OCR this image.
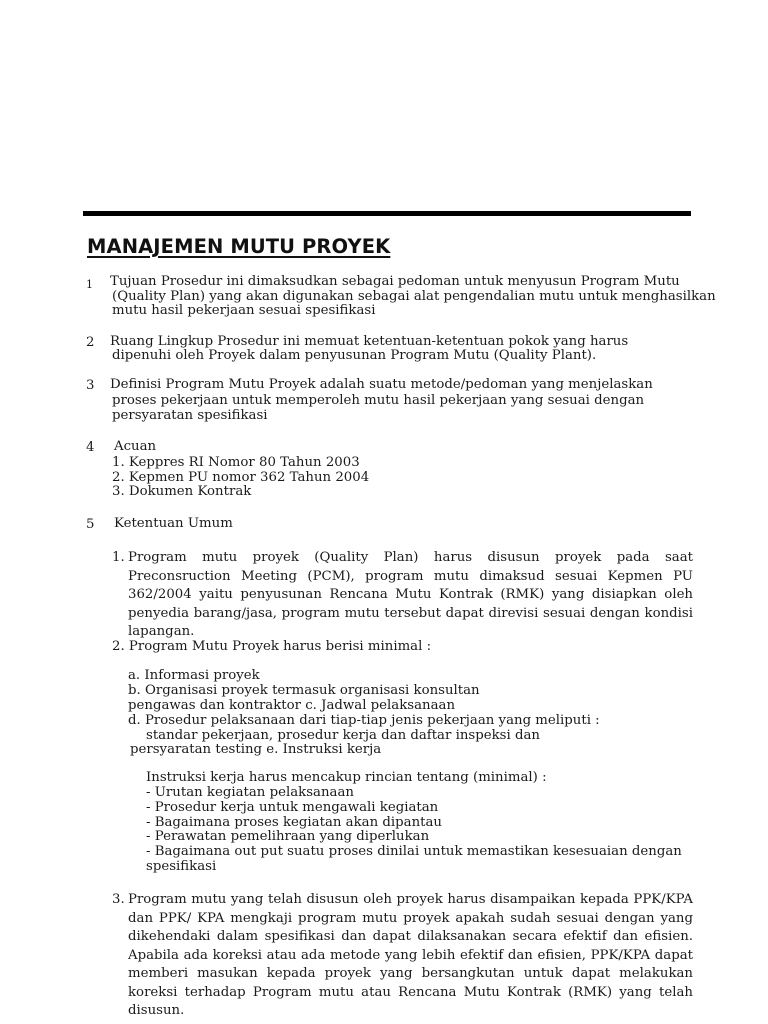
MANAJEMEN MUTU PROYEK
1 Tujuan Prosedur ini dimaksudkan sebagai pedoman untuk menyusun Program Mutu

(Quality Plan) yang akan digunakan sebagai alat pengendalian mutu untuk menghasilkan

mutu hasil pekerjaan sesuai spesifikasi

2 Ruang Lingkup Prosedur ini memuat ketentuan-ketentuan pokok yang harus

dipenuhi oleh Proyek dalam penyusunan Program Mutu (Quality Plant).

3 Definisi Program Mutu Proyek adalah suatu metode/pedoman yang menjelaskan

proses pekerjaan untuk memperoleh mutu hasil pekerjaan yang sesuai dengan

persyaratan spesifikasi

4 Acuan

1. Keppres RI Nomor 80 Tahun 2003

2. Kepmen PU nomor 362 Tahun 2004

3. Dokumen Kontrak

5 Ketentuan Umum

1. Program mutu proyek (Quality Plan) harus disusun proyek pada saat Preconsruction Meeting (PCM), program mutu dimaksud sesuai Kepmen PU 362/2004 yaitu penyusunan Rencana Mutu Kontrak (RMK) yang disiapkan oleh penyedia barang/jasa, program mutu tersebut dapat direvisi sesuai dengan kondisi lapangan.

2. Program Mutu Proyek harus berisi minimal :

a. Informasi proyek

b. Organisasi proyek termasuk organisasi konsultan

pengawas dan kontraktor c. Jadwal pelaksanaan

d. Prosedur pelaksanaan dari tiap-tiap jenis pekerjaan yang meliputi :

standar pekerjaan, prosedur kerja dan daftar inspeksi dan

persyaratan testing e. Instruksi kerja

Instruksi kerja harus mencakup rincian tentang (minimal) :

- Urutan kegiatan pelaksanaan

- Prosedur kerja untuk mengawali kegiatan

- Bagaimana proses kegiatan akan dipantau

- Perawatan pemelihraan yang diperlukan

- Bagaimana out put suatu proses dinilai untuk memastikan kesesuaian dengan

spesifikasi

3. Program mutu yang telah disusun oleh proyek harus disampaikan kepada PPK/KPA dan PPK/ KPA mengkaji program mutu proyek apakah sudah sesuai dengan yang dikehendaki dalam spesifikasi dan dapat dilaksanakan secara efektif dan efisien. Apabila ada koreksi atau ada metode yang lebih efektif dan efisien, PPK/KPA dapat memberi masukan kepada proyek yang bersangkutan untuk dapat melakukan koreksi terhadap Program mutu atau Rencana Mutu Kontrak (RMK) yang telah disusun.
